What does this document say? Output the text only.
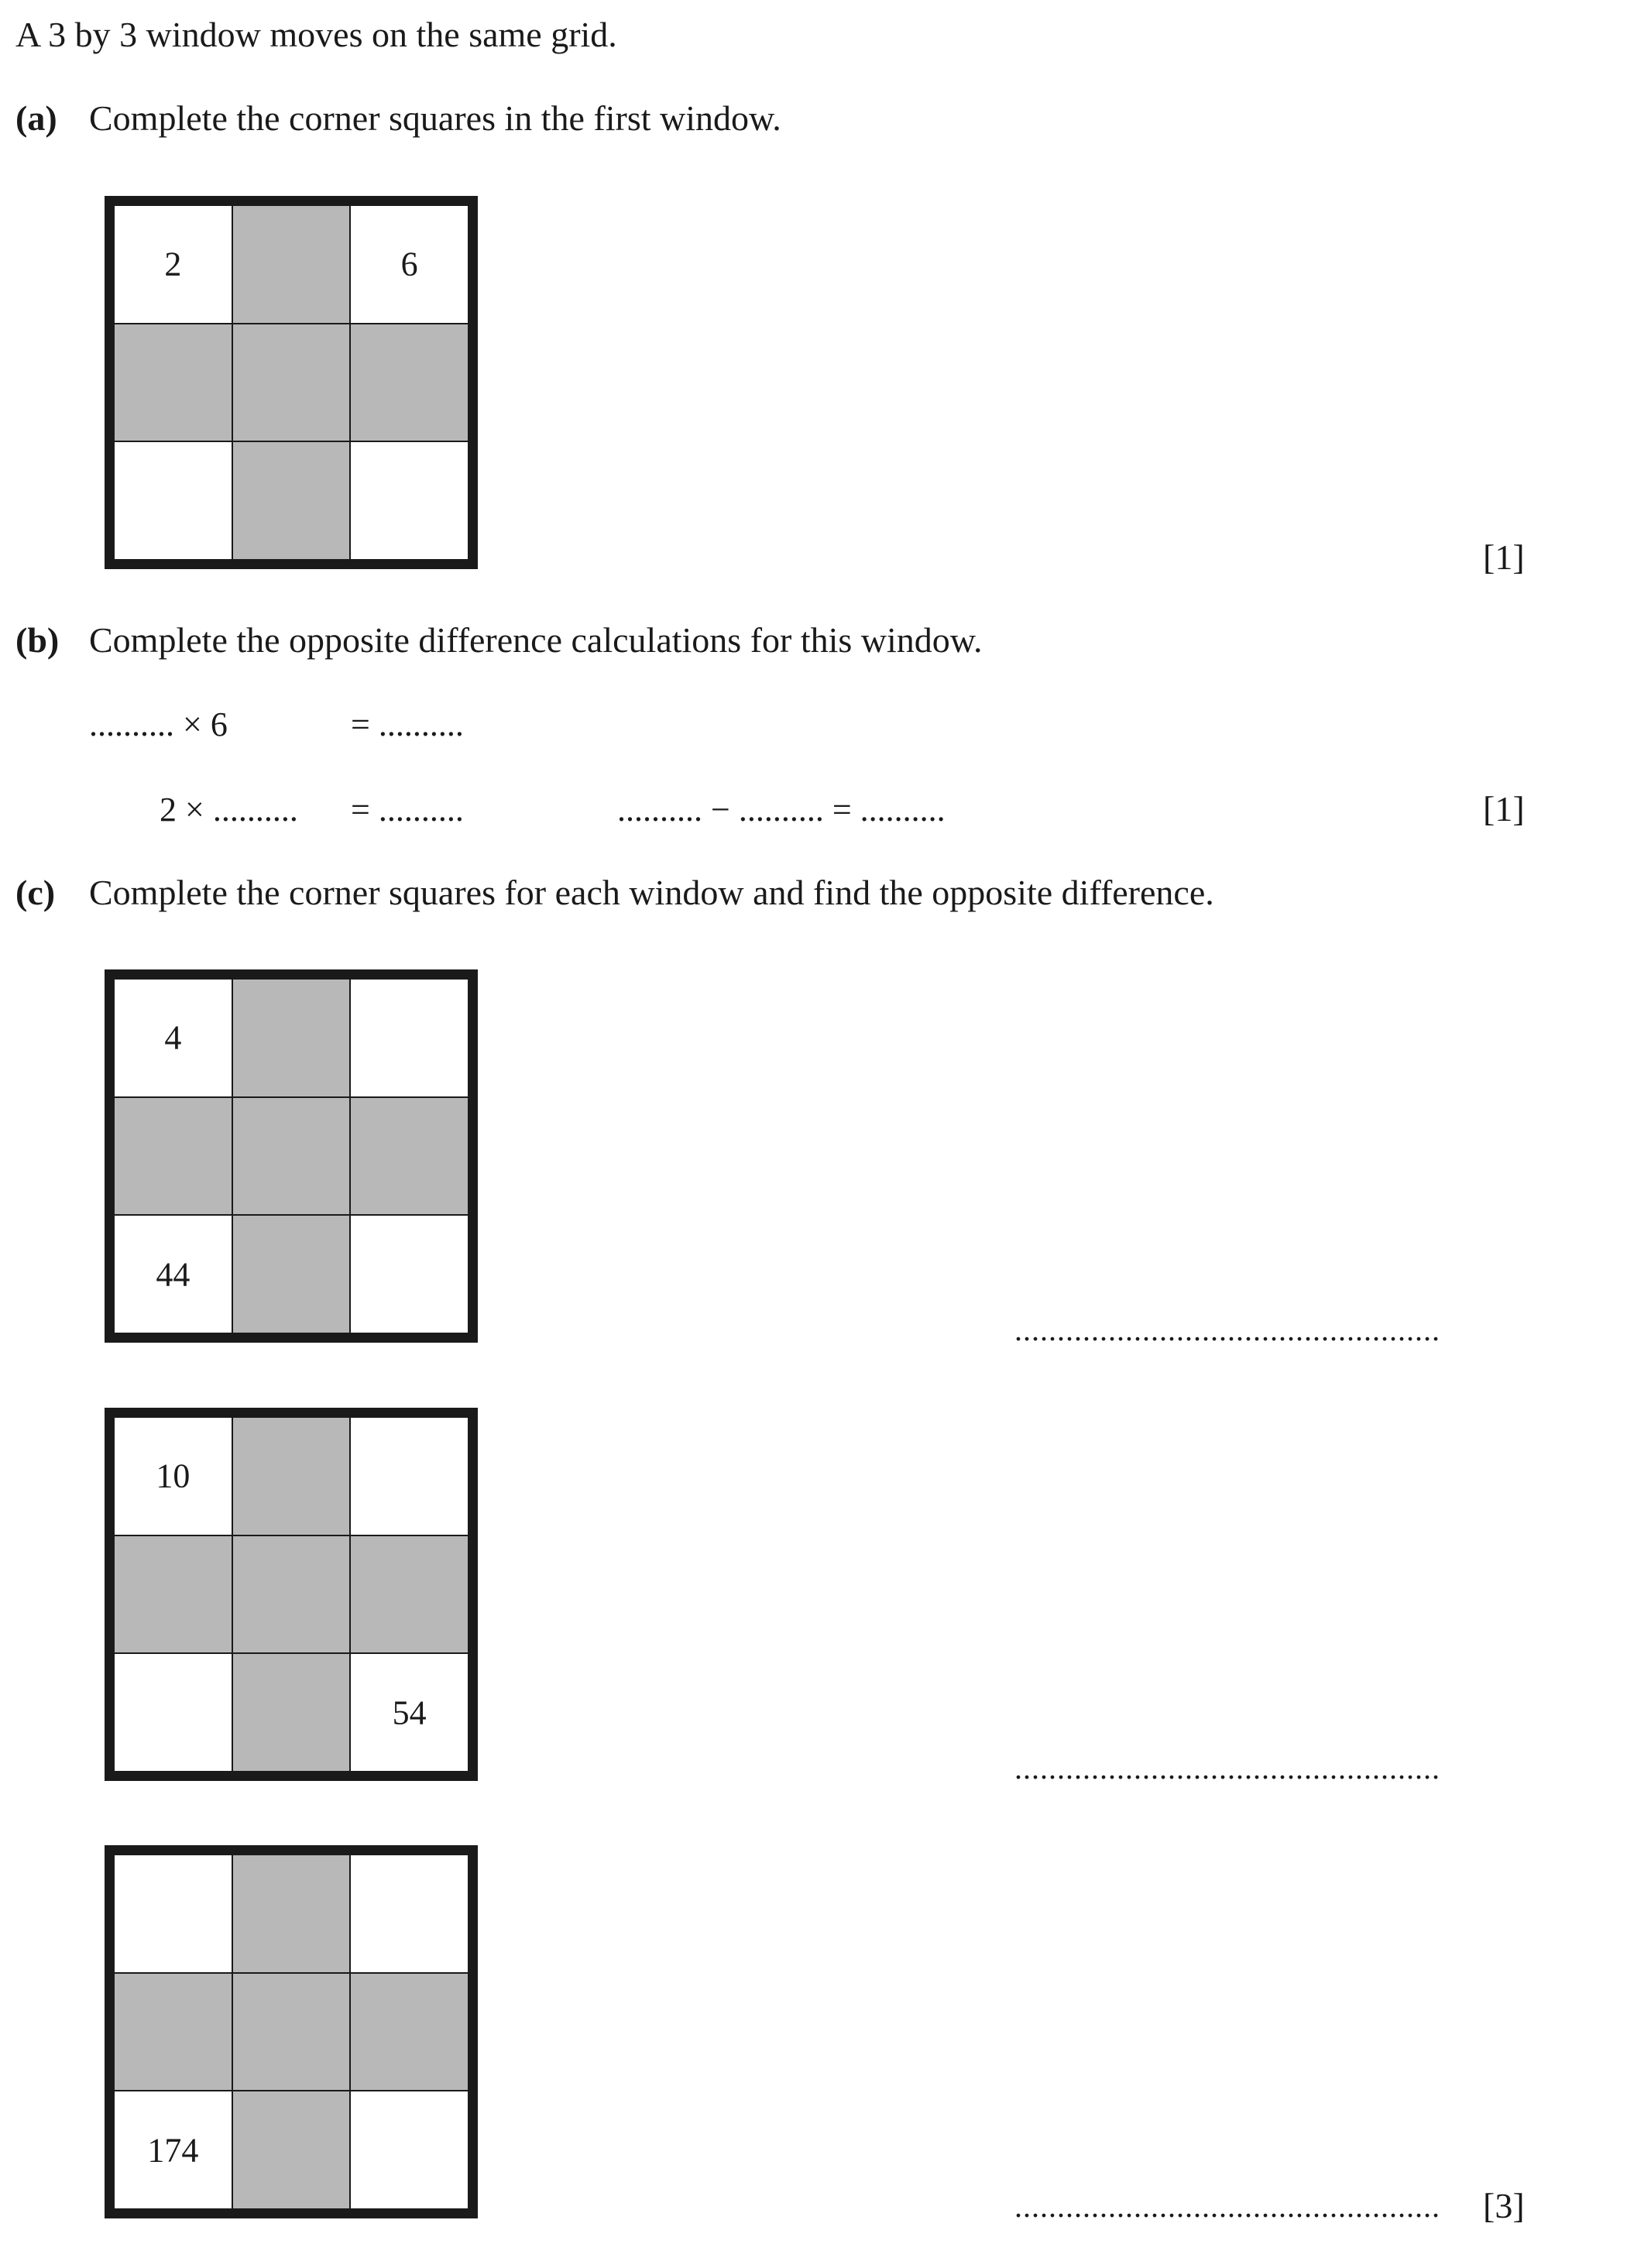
A 3 by 3 window moves on the same grid.
(a) Complete the corner squares in the first window.
2	6
[1]
(b) Complete the opposite difference calculations for this window.
.......... × 6	= ..........
2 × .......... = ..........	.......... − .......... = ..........	[1]
(c) Complete the corner squares for each window and find the opposite difference.
4
44
..................................................
10
54
..................................................
174
.................................................. [3]
